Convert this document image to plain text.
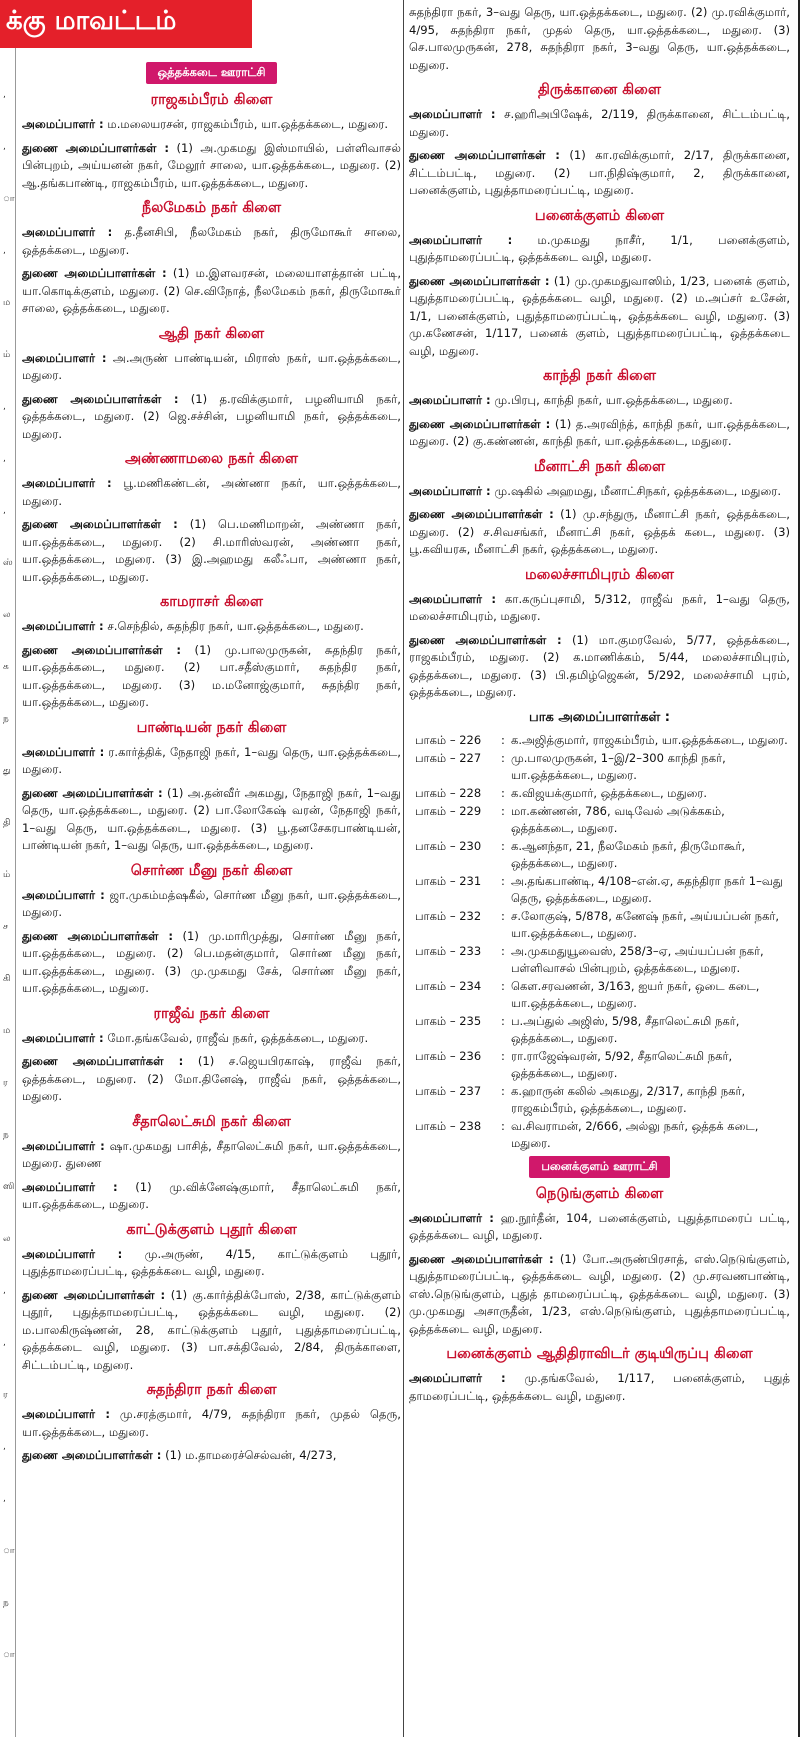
,
,
ா
,
ம
ம்
,
,
,
ஸ்
ல
க
ந
து
தி
ம்
ச
கி
ம
ர
ந
ஸி
ல
,
,
ர
,
,
ா
ந
ா
க்கு மாவட்டம்
ஒத்தக்கடை ஊராட்சி
ராஜகம்பீரம் கிளை

அமைப்பாளர் : ம.மலையரசன், ராஜகம்பீரம், யா.ஒத்தக்கடை, மதுரை.

துணை அமைப்பாளர்கள் : (1) அ.முகமது இஸ்மாயில், பள்ளிவாசல் பின்புறம், அய்யனன் நகர், மேலூர் சாலை, யா.ஒத்தக்கடை, மதுரை. (2) ஆ.தங்கபாண்டி, ராஜகம்பீரம், யா.ஒத்தக்கடை, மதுரை.

நீலமேகம் நகர் கிளை

அமைப்பாளர் : த.தீனசிபி, நீலமேகம் நகர், திருமோகூர் சாலை, ஒத்தக்கடை, மதுரை.

துணை அமைப்பாளர்கள் : (1) ம.இளவரசன், மலையாளத்தான் பட்டி, யா.கொடிக்குளம், மதுரை. (2) செ.விநோத், நீலமேகம் நகர், திருமோகூர் சாலை, ஒத்தக்கடை, மதுரை.

ஆதி நகர் கிளை

அமைப்பாளர் : அ.அருண் பாண்டியன், மிராஸ் நகர், யா.ஒத்தக்கடை, மதுரை.

துணை அமைப்பாளர்கள் : (1) த.ரவிக்குமார், பழனியாமி நகர், ஒத்தக்கடை, மதுரை. (2) ஜெ.சச்சின், பழனியாமி நகர், ஒத்தக்கடை, மதுரை.

அண்ணாமலை நகர் கிளை

அமைப்பாளர் : பூ.மணிகண்டன், அண்ணா நகர், யா.ஒத்தக்கடை, மதுரை.

துணை அமைப்பாளர்கள் : (1) பெ.மணிமாறன், அண்ணா நகர், யா.ஒத்தக்கடை, மதுரை. (2) சி.மாரிஸ்வரன், அண்ணா நகர், யா.ஒத்தக்கடை, மதுரை. (3) இ.அஹமது கலீஃபா, அண்ணா நகர், யா.ஒத்தக்கடை, மதுரை.

காமராசர் கிளை

அமைப்பாளர் : ச.செந்தில், சுதந்திர நகர், யா.ஒத்தக்கடை, மதுரை.

துணை அமைப்பாளர்கள் : (1) மு.பாலமுருகன், சுதந்திர நகர், யா.ஒத்தக்கடை, மதுரை. (2) பா.சதீஸ்குமார், சுதந்திர நகர், யா.ஒத்தக்கடை, மதுரை. (3) ம.மனோஜ்குமார், சுதந்திர நகர், யா.ஒத்தக்கடை, மதுரை.

பாண்டியன் நகர் கிளை

அமைப்பாளர் : ர.கார்த்திக், நேதாஜி நகர், 1–வது தெரு, யா.ஒத்தக்கடை, மதுரை.

துணை அமைப்பாளர்கள் : (1) அ.தன்வீர் அகமது, நேதாஜி நகர், 1–வது தெரு, யா.ஒத்தக்கடை, மதுரை. (2) பா.லோகேஷ் வரன், நேதாஜி நகர், 1–வது தெரு, யா.ஒத்தக்கடை, மதுரை. (3) பூ.தனசேகரபாண்டியன், பாண்டியன் நகர், 1–வது தெரு, யா.ஒத்தக்கடை, மதுரை.

சொர்ண மீனு நகர் கிளை

அமைப்பாளர் : ஜா.முகம்மத்ஷகீல், சொர்ண மீனு நகர், யா.ஒத்தக்கடை, மதுரை.

துணை அமைப்பாளர்கள் : (1) மு.மாரிமுத்து, சொர்ண மீனு நகர், யா.ஒத்தக்கடை, மதுரை. (2) பெ.மதன்குமார், சொர்ண மீனு நகர், யா.ஒத்தக்கடை, மதுரை. (3) மு.முகமது சேக், சொர்ண மீனு நகர், யா.ஒத்தக்கடை, மதுரை.

ராஜீவ் நகர் கிளை

அமைப்பாளர் : மோ.தங்கவேல், ராஜீவ் நகர், ஒத்தக்கடை, மதுரை.

துணை அமைப்பாளர்கள் : (1) ச.ஜெயபிரகாஷ், ராஜீவ் நகர், ஒத்தக்கடை, மதுரை. (2) மோ.தினேஷ், ராஜீவ் நகர், ஒத்தக்கடை, மதுரை.

சீதாலெட்சுமி நகர் கிளை

அமைப்பாளர் : ஷா.முகமது பாசித், சீதாலெட்சுமி நகர், யா.ஒத்தக்கடை, மதுரை. துணை

அமைப்பாளர் : (1) மு.விக்னேஷ்குமார், சீதாலெட்சுமி நகர், யா.ஒத்தக்கடை, மதுரை.

காட்டுக்குளம் புதூர் கிளை

அமைப்பாளர் : மு.அருண், 4/15, காட்டுக்குளம் புதூர், புதுத்தாமரைப்பட்டி, ஒத்தக்கடை வழி, மதுரை.

துணை அமைப்பாளர்கள் : (1) கு.கார்த்திக்போஸ், 2/38, காட்டுக்குளம் புதூர், புதுத்தாமரைப்பட்டி, ஒத்தக்கடை வழி, மதுரை. (2) ம.பாலகிருஷ்ணன், 28, காட்டுக்குளம் புதூர், புதுத்தாமரைப்பட்டி, ஒத்தக்கடை வழி, மதுரை. (3) பா.சக்திவேல், 2/84, திருக்காளை, சிட்டம்பட்டி, மதுரை.

சுதந்திரா நகர் கிளை

அமைப்பாளர் : மு.சரத்குமார், 4/79, சுதந்திரா நகர், முதல் தெரு, யா.ஒத்தக்கடை, மதுரை.

துணை அமைப்பாளர்கள் : (1) ம.தாமரைச்செல்வன், 4/273,

சுதந்திரா நகர், 3–வது தெரு, யா.ஒத்தக்கடை, மதுரை. (2) மு.ரவிக்குமார், 4/95, சுதந்திரா நகர், முதல் தெரு, யா.ஒத்தக்கடை, மதுரை. (3) செ.பாலமுருகன், 278, சுதந்திரா நகர், 3–வது தெரு, யா.ஒத்தக்கடை, மதுரை.

திருக்கானை கிளை

அமைப்பாளர் : ச.ஹரிஅபிஷேக், 2/119, திருக்கானை, சிட்டம்பட்டி, மதுரை.

துணை அமைப்பாளர்கள் : (1) கா.ரவிக்குமார், 2/17, திருக்கானை, சிட்டம்பட்டி, மதுரை. (2) பா.நிதிஷ்குமார், 2, திருக்கானை, பனைக்குளம், புதுத்தாமரைப்பட்டி, மதுரை.

பனைக்குளம் கிளை

அமைப்பாளர் : ம.முகமது நாசீர், 1/1, பனைக்குளம், புதுத்தாமரைப்பட்டி, ஒத்தக்கடை வழி, மதுரை.

துணை அமைப்பாளர்கள் : (1) மு.முகமதுவாஸிம், 1/23, பனைக் குளம், புதுத்தாமரைப்பட்டி, ஒத்தக்கடை வழி, மதுரை. (2) ம.அப்சர் உசேன், 1/1, பனைக்குளம், புதுத்தாமரைப்பட்டி, ஒத்தக்கடை வழி, மதுரை. (3) மு.கணேசன், 1/117, பனைக் குளம், புதுத்தாமரைப்பட்டி, ஒத்தக்கடை வழி, மதுரை.

காந்தி நகர் கிளை

அமைப்பாளர் : மு.பிரபு, காந்தி நகர், யா.ஒத்தக்கடை, மதுரை.

துணை அமைப்பாளர்கள் : (1) த.அரவிந்த், காந்தி நகர், யா.ஒத்தக்கடை, மதுரை. (2) கு.கண்ணன், காந்தி நகர், யா.ஒத்தக்கடை, மதுரை.

மீனாட்சி நகர் கிளை

அமைப்பாளர் : மு.ஷகில் அஹமது, மீனாட்சிநகர், ஒத்தக்கடை, மதுரை.

துணை அமைப்பாளர்கள் : (1) மு.சந்துரு, மீனாட்சி நகர், ஒத்தக்கடை, மதுரை. (2) ச.சிவசங்கர், மீனாட்சி நகர், ஒத்தக் கடை, மதுரை. (3) பூ.கவியரசு, மீனாட்சி நகர், ஒத்தக்கடை, மதுரை.

மலைச்சாமிபுரம் கிளை

அமைப்பாளர் : கா.கருப்புசாமி, 5/312, ராஜீவ் நகர், 1–வது தெரு, மலைச்சாமிபுரம், மதுரை.

துணை அமைப்பாளர்கள் : (1) மா.குமரவேல், 5/77, ஒத்தக்கடை, ராஜகம்பீரம், மதுரை. (2) க.மாணிக்கம், 5/44, மலைச்சாமிபுரம், ஒத்தக்கடை, மதுரை. (3) பி.தமிழ்ஜெகன், 5/292, மலைச்சாமி புரம், ஒத்தக்கடை, மதுரை.

பாக அமைப்பாளர்கள் :
பாகம் – 226	: க.அஜித்குமார், ராஜகம்பீரம், யா.ஒத்தக்கடை, மதுரை.
பாகம் – 227	: மு.பாலமுருகன், 1–இ/2–300 காந்தி நகர், யா.ஒத்தக்கடை, மதுரை.
பாகம் – 228	: க.விஜயக்குமார், ஒத்தக்கடை, மதுரை.
பாகம் – 229	: மா.கண்ணன், 786, வடிவேல் அடுக்ககம், ஒத்தக்கடை, மதுரை.
பாகம் – 230	: க.ஆனந்தா, 21, நீலமேகம் நகர், திருமோகூர், ஒத்தக்கடை, மதுரை.
பாகம் – 231	: அ.தங்கபாண்டி, 4/108–என்.ஏ, சுதந்திரா நகர் 1–வது தெரு, ஒத்தக்கடை, மதுரை.
பாகம் – 232	: ச.லோகுஷ், 5/878, கணேஷ் நகர், அய்யப்பன் நகர், யா.ஒத்தக்கடை, மதுரை.
பாகம் – 233	: அ.முகமதுயூவைஸ், 258/3–ஏ, அய்யப்பன் நகர், பள்ளிவாசல் பின்புறம், ஒத்தக்கடை, மதுரை.
பாகம் – 234	: கௌ.சரவணன், 3/163, ஐயர் நகர், ஒடை கடை, யா.ஒத்தக்கடை, மதுரை.
பாகம் – 235	: ப.அப்துல் அஜிஸ், 5/98, சீதாலெட்சுமி நகர், ஒத்தக்கடை, மதுரை.
பாகம் – 236	: ரா.ராஜேஷ்வரன், 5/92, சீதாலெட்சுமி நகர், ஒத்தக்கடை, மதுரை.
பாகம் – 237	: க.ஹாருன் கலில் அகமது, 2/317, காந்தி நகர், ராஜகம்பீரம், ஒத்தக்கடை, மதுரை.
பாகம் – 238	: வ.சிவராமன், 2/666, அல்லு நகர், ஒத்தக் கடை, மதுரை.
பனைக்குளம் ஊராட்சி
நெடுங்குளம் கிளை

அமைப்பாளர் : ஹ.நூர்தீன், 104, பனைக்குளம், புதுத்தாமரைப் பட்டி, ஒத்தக்கடை வழி, மதுரை.

துணை அமைப்பாளர்கள் : (1) போ.அருண்பிரசாத், எஸ்.நெடுங்குளம், புதுத்தாமரைப்பட்டி, ஒத்தக்கடை வழி, மதுரை. (2) மு.சரவணபாண்டி, எஸ்.நெடுங்குளம், புதுத் தாமரைப்பட்டி, ஒத்தக்கடை வழி, மதுரை. (3) மு.முகமது அசாருதீன், 1/23, எஸ்.நெடுங்குளம், புதுத்தாமரைப்பட்டி, ஒத்தக்கடை வழி, மதுரை.

பனைக்குளம் ஆதிதிராவிடர் குடியிருப்பு கிளை

அமைப்பாளர் : மு.தங்கவேல், 1/117, பனைக்குளம், புதுத் தாமரைப்பட்டி, ஒத்தக்கடை வழி, மதுரை.
